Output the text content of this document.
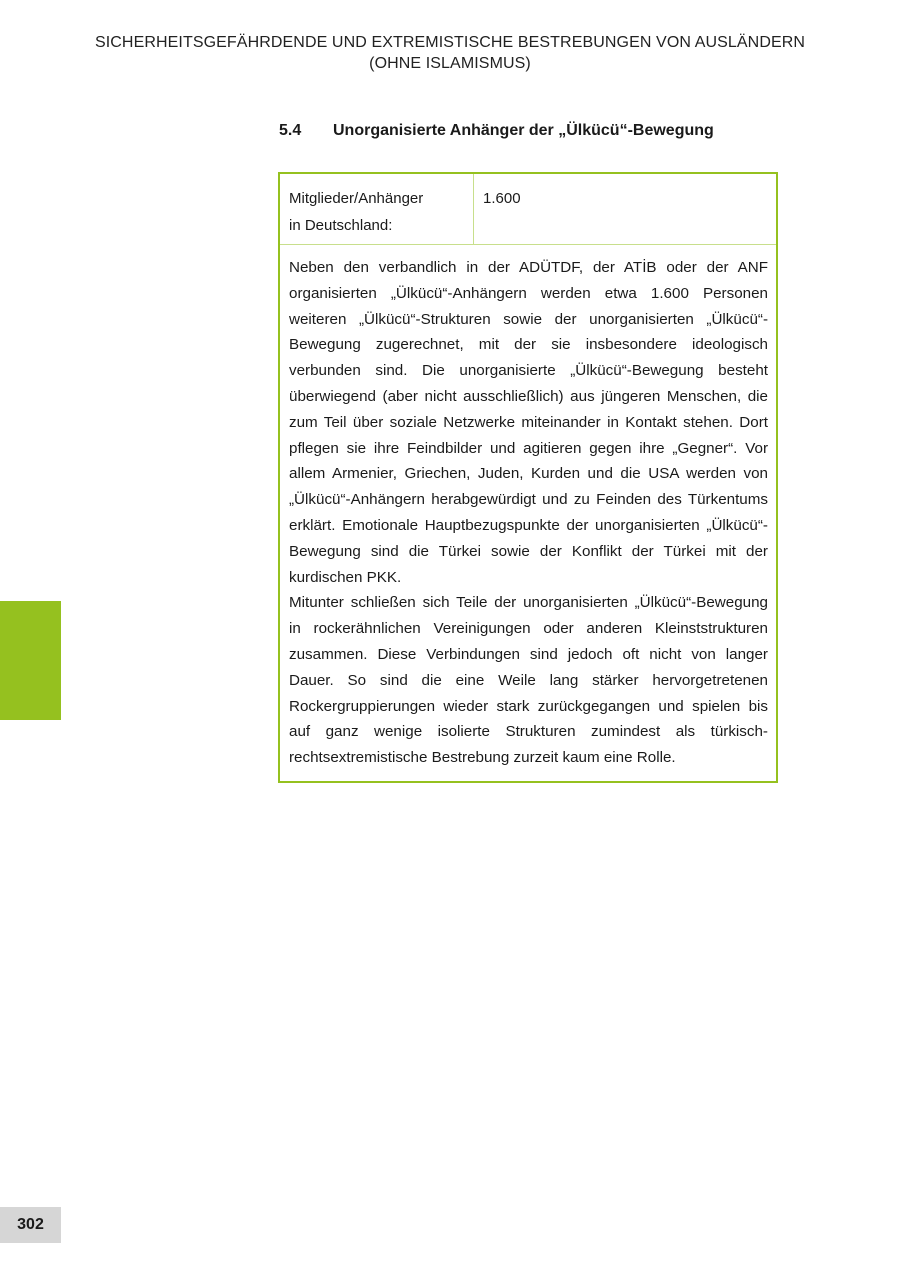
SICHERHEITSGEFÄHRDENDE UND EXTREMISTISCHE BESTREBUNGEN VON AUSLÄNDERN
(OHNE ISLAMISMUS)
5.4 Unorganisierte Anhänger der „Ülkücü“-Bewegung
Mitglieder/Anhänger
in Deutschland:
1.600

Neben den verbandlich in der ADÜTDF, der ATİB oder der ANF organisierten „Ülkücü“-Anhängern werden etwa 1.600 Personen weiteren „Ülkücü“-Strukturen sowie der unorganisierten „Ülkücü“-Bewegung zugerechnet, mit der sie insbesondere ideologisch verbunden sind. Die unorganisierte „Ülkücü“-Bewegung besteht überwiegend (aber nicht ausschließlich) aus jüngeren Menschen, die zum Teil über soziale Netzwerke miteinander in Kontakt stehen. Dort pflegen sie ihre Feindbilder und agitieren gegen ihre „Gegner“. Vor allem Armenier, Griechen, Juden, Kurden und die USA werden von „Ülkücü“-Anhängern herabgewürdigt und zu Feinden des Türkentums erklärt. Emotionale Hauptbezugspunkte der unorganisierten „Ülkücü“-Bewegung sind die Türkei sowie der Konflikt der Türkei mit der kurdischen PKK.

Mitunter schließen sich Teile der unorganisierten „Ülkücü“-Bewegung in rockerähnlichen Vereinigungen oder anderen Kleinststrukturen zusammen. Diese Verbindungen sind jedoch oft nicht von langer Dauer. So sind die eine Weile lang stärker hervorgetretenen Rockergruppierungen wieder stark zurückgegangen und spielen bis auf ganz wenige isolierte Strukturen zumindest als türkisch-rechtsextremistische Bestrebung zurzeit kaum eine Rolle.

302
